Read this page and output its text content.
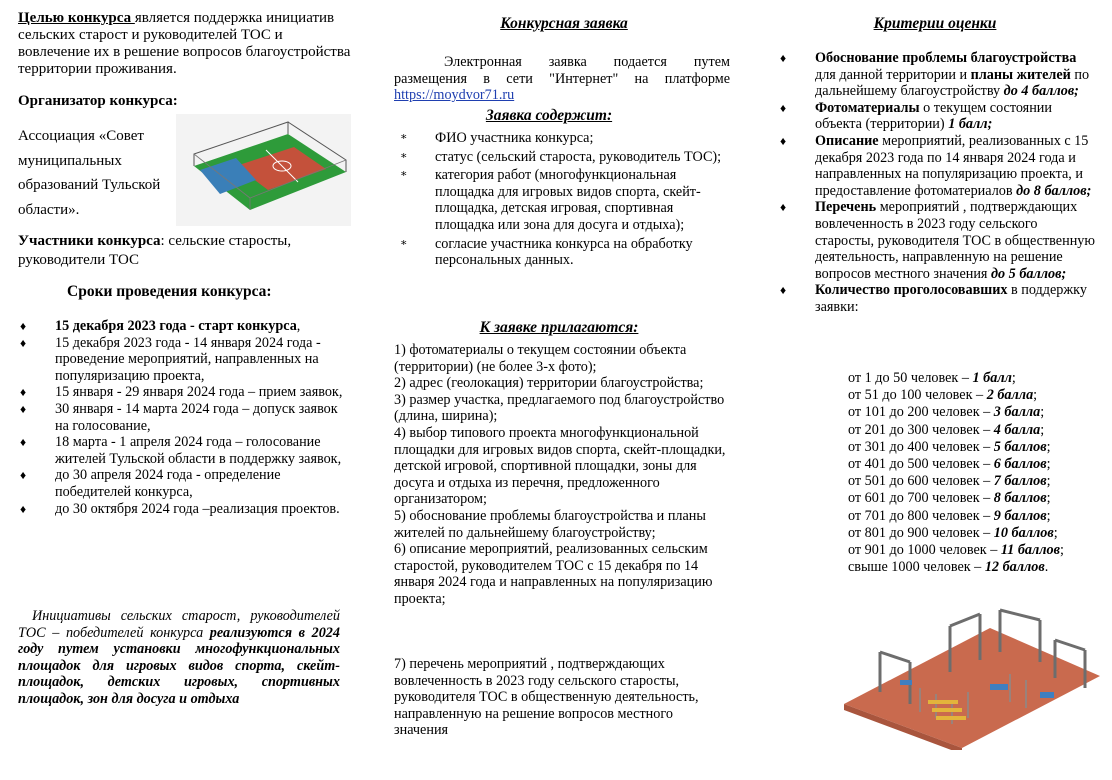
Целью конкурса является поддержка инициатив сельских старост и руководителей ТОС и вовлечение их в решение вопросов благоустройства территории проживания.
Организатор конкурса:
Ассоциация «Совет муниципальных образований Тульской области».
Участники конкурса: сельские старосты, руководители ТОС
Сроки проведения конкурса:
♦ 15 декабря 2023 года - старт конкурса,
♦ 15 декабря 2023 года - 14 января 2024 года - проведение мероприятий, направленных на популяризацию проекта,
♦ 15 января - 29 января 2024 года – прием заявок,
♦ 30 января - 14 марта 2024 года – допуск заявок на голосование,
♦ 18 марта - 1 апреля 2024 года – голосование жителей Тульской области в поддержку заявок,
♦ до 30 апреля 2024 года - определение победителей конкурса,
♦ до 30 октября 2024 года –реализация проектов.
Инициативы сельских старост, руководителей ТОС – победителей конкурса реализуются в 2024 году путем установки многофункциональных площадок для игровых видов спорта, скейт-площадок, детских игровых, спортивных площадок, зон для досуга и отдыха
Конкурсная заявка
Электронная заявка подается путем размещения в сети "Интернет" на платформе https://moydvor71.ru
Заявка содержит:
∗ ФИО участника конкурса;
∗ статус (сельский староста, руководитель ТОС);
∗ категория работ (многофункциональная площадка для игровых видов спорта, скейт-площадка, детская игровая, спортивная площадка или зона для досуга и отдыха);
∗ согласие участника конкурса на обработку персональных данных.
К заявке прилагаются:
1) фотоматериалы о текущем состоянии объекта (территории) (не более 3-х фото);
2) адрес (геолокация) территории благоустройства;
3) размер участка, предлагаемого под благоустройство (длина, ширина);
4) выбор типового проекта многофункциональной площадки для игровых видов спорта, скейт-площадки, детской игровой, спортивной площадки, зоны для досуга и отдыха из перечня, предложенного организатором;
5) обоснование проблемы благоустройства и планы жителей по дальнейшему благоустройству;
6) описание мероприятий, реализованных сельским старостой, руководителем ТОС с 15 декабря по 14 января 2024 года и направленных на популяризацию проекта;
7) перечень мероприятий , подтверждающих вовлеченность в 2023 году сельского старосты, руководителя ТОС в общественную деятельность, направленную на решение вопросов местного значения
Критерии оценки
♦ Обоснование проблемы благоустройства для данной территории и планы жителей по дальнейшему благоустройству до 4 баллов;
♦ Фотоматериалы о текущем состоянии объекта (территории) 1 балл;
♦ Описание мероприятий, реализованных с 15 декабря 2023 года по 14 января 2024 года и направленных на популяризацию проекта, и предоставление фотоматериалов до 8 баллов;
♦ Перечень мероприятий , подтверждающих вовлеченность в 2023 году сельского старосты, руководителя ТОС в общественную деятельность, направленную на решение вопросов местного значения до 5 баллов;
♦ Количество проголосовавших в поддержку заявки:
от 1 до 50 человек – 1 балл;
от 51 до 100 человек – 2 балла;
от 101 до 200 человек – 3 балла;
от 201 до 300 человек – 4 балла;
от 301 до 400 человек – 5 баллов;
от 401 до 500 человек – 6 баллов;
от 501 до 600 человек – 7 баллов;
от 601 до 700 человек – 8 баллов;
от 701 до 800 человек – 9 баллов;
от 801 до 900 человек – 10 баллов;
от 901 до 1000 человек – 11 баллов;
свыше 1000 человек – 12 баллов.
